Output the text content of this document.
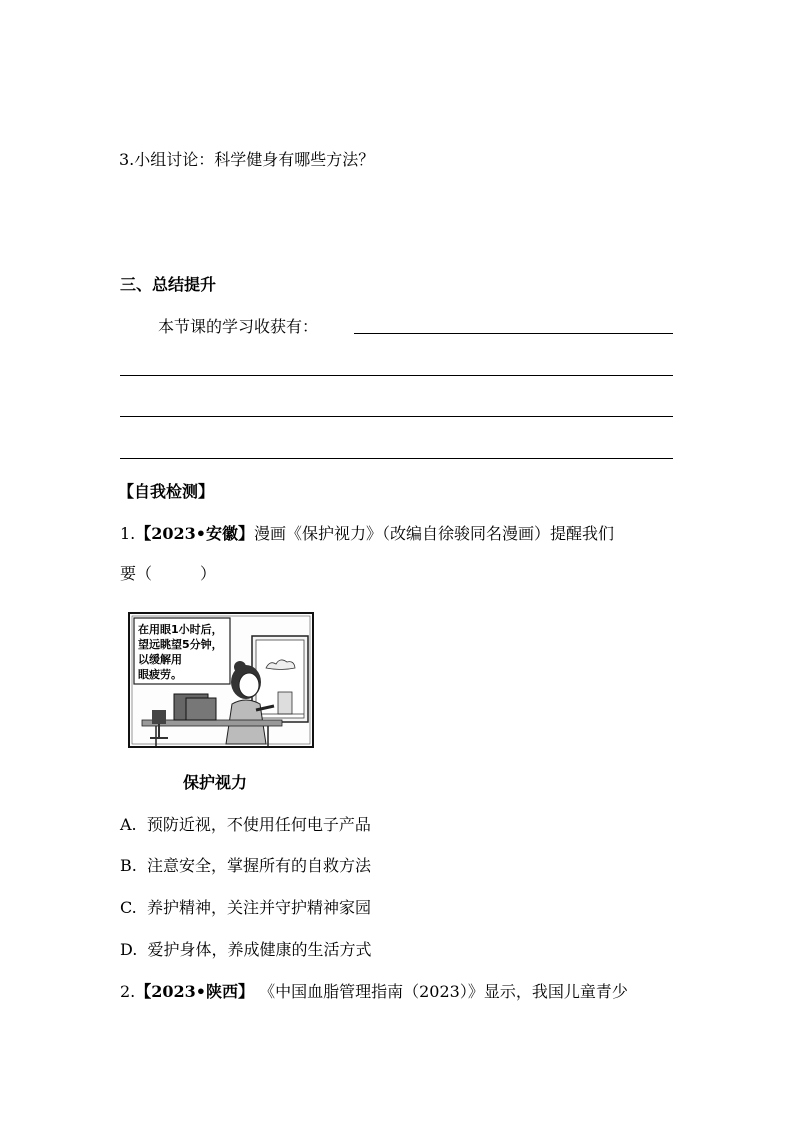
3.小组讨论：科学健身有哪些方法？
三、总结提升
本节课的学习收获有：
【自我检测】
1.【2023•安徽】漫画《保护视力》（改编自徐骏同名漫画）提醒我们
要（　　　）
在用眼1小时后，
望远眺望5分钟，
以缓解用
眼疲劳。
保护视力
A. 预防近视，不使用任何电子产品
B. 注意安全，掌握所有的自救方法
C. 养护精神，关注并守护精神家园
D. 爱护身体，养成健康的生活方式
2.【2023•陕西】 《中国血脂管理指南（2023）》显示，我国儿童青少
